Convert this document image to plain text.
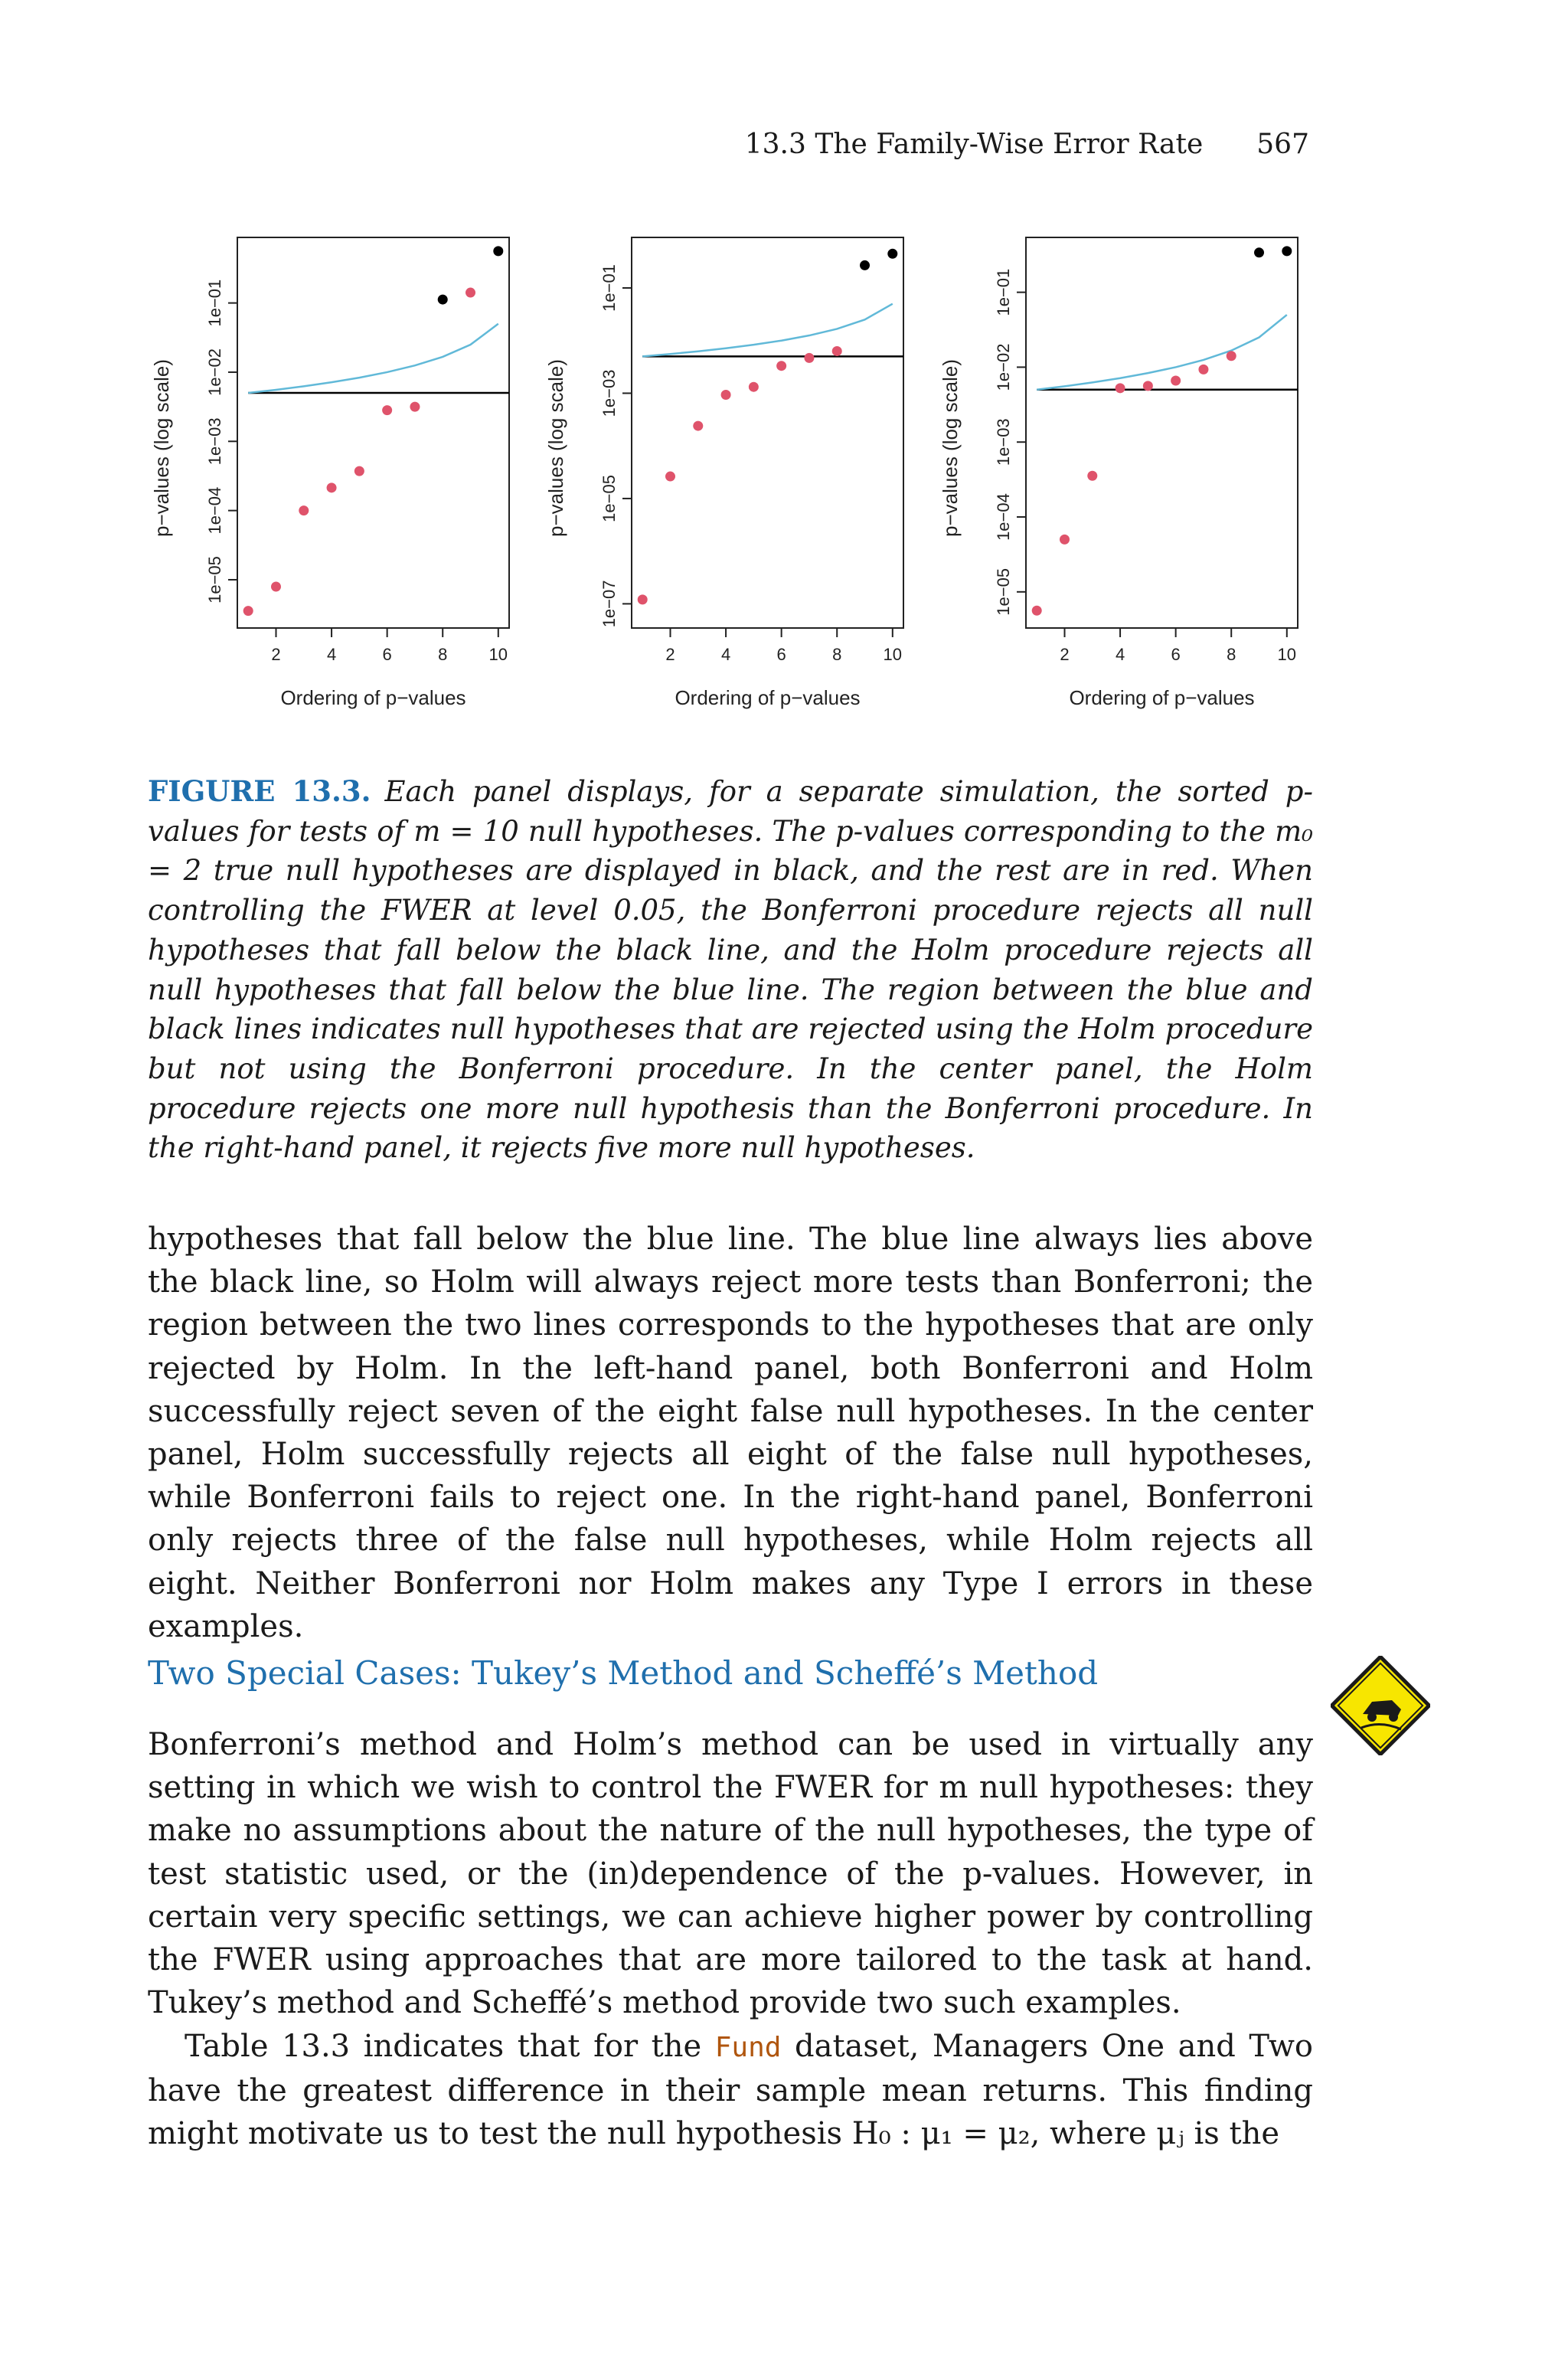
13.3 The Family-Wise Error Rate 567
2	4	6	8 10
1e−05
1e−04
1e−03
1e−02
1e−01
Ordering of p−values
p−values (log scale)
2	4	6	8 10
1e−07
1e−05
1e−03
1e−01
Ordering of p−values
p−values (log scale)
2	4	6	8 10
1e−05
1e−04
1e−03
1e−02
1e−01
Ordering of p−values
p−values (log scale)

FIGURE 13.3. Each panel displays, for a separate simulation, the sorted p-values for tests of m = 10 null hypotheses. The p-values corresponding to the m₀ = 2 true null hypotheses are displayed in black, and the rest are in red. When controlling the FWER at level 0.05, the Bonferroni procedure rejects all null hypotheses that fall below the black line, and the Holm procedure rejects all null hypotheses that fall below the blue line. The region between the blue and black lines indicates null hypotheses that are rejected using the Holm procedure but not using the Bonferroni procedure. In the center panel, the Holm procedure rejects one more null hypothesis than the Bonferroni procedure. In the right-hand panel, it rejects five more null hypotheses.

hypotheses that fall below the blue line. The blue line always lies above the black line, so Holm will always reject more tests than Bonferroni; the region between the two lines corresponds to the hypotheses that are only rejected by Holm. In the left-hand panel, both Bonferroni and Holm successfully reject seven of the eight false null hypotheses. In the center panel, Holm successfully rejects all eight of the false null hypotheses, while Bonferroni fails to reject one. In the right-hand panel, Bonferroni only rejects three of the false null hypotheses, while Holm rejects all eight. Neither Bonferroni nor Holm makes any Type I errors in these examples.

Two Special Cases: Tukey’s Method and Scheffé’s Method

Bonferroni’s method and Holm’s method can be used in virtually any setting in which we wish to control the FWER for m null hypotheses: they make no assumptions about the nature of the null hypotheses, the type of test statistic used, or the (in)dependence of the p-values. However, in certain very specific settings, we can achieve higher power by controlling the FWER using approaches that are more tailored to the task at hand. Tukey’s method and Scheffé’s method provide two such examples.

Table 13.3 indicates that for the Fund dataset, Managers One and Two have the greatest difference in their sample mean returns. This finding might motivate us to test the null hypothesis H₀ : μ₁ = μ₂, where μⱼ is the
